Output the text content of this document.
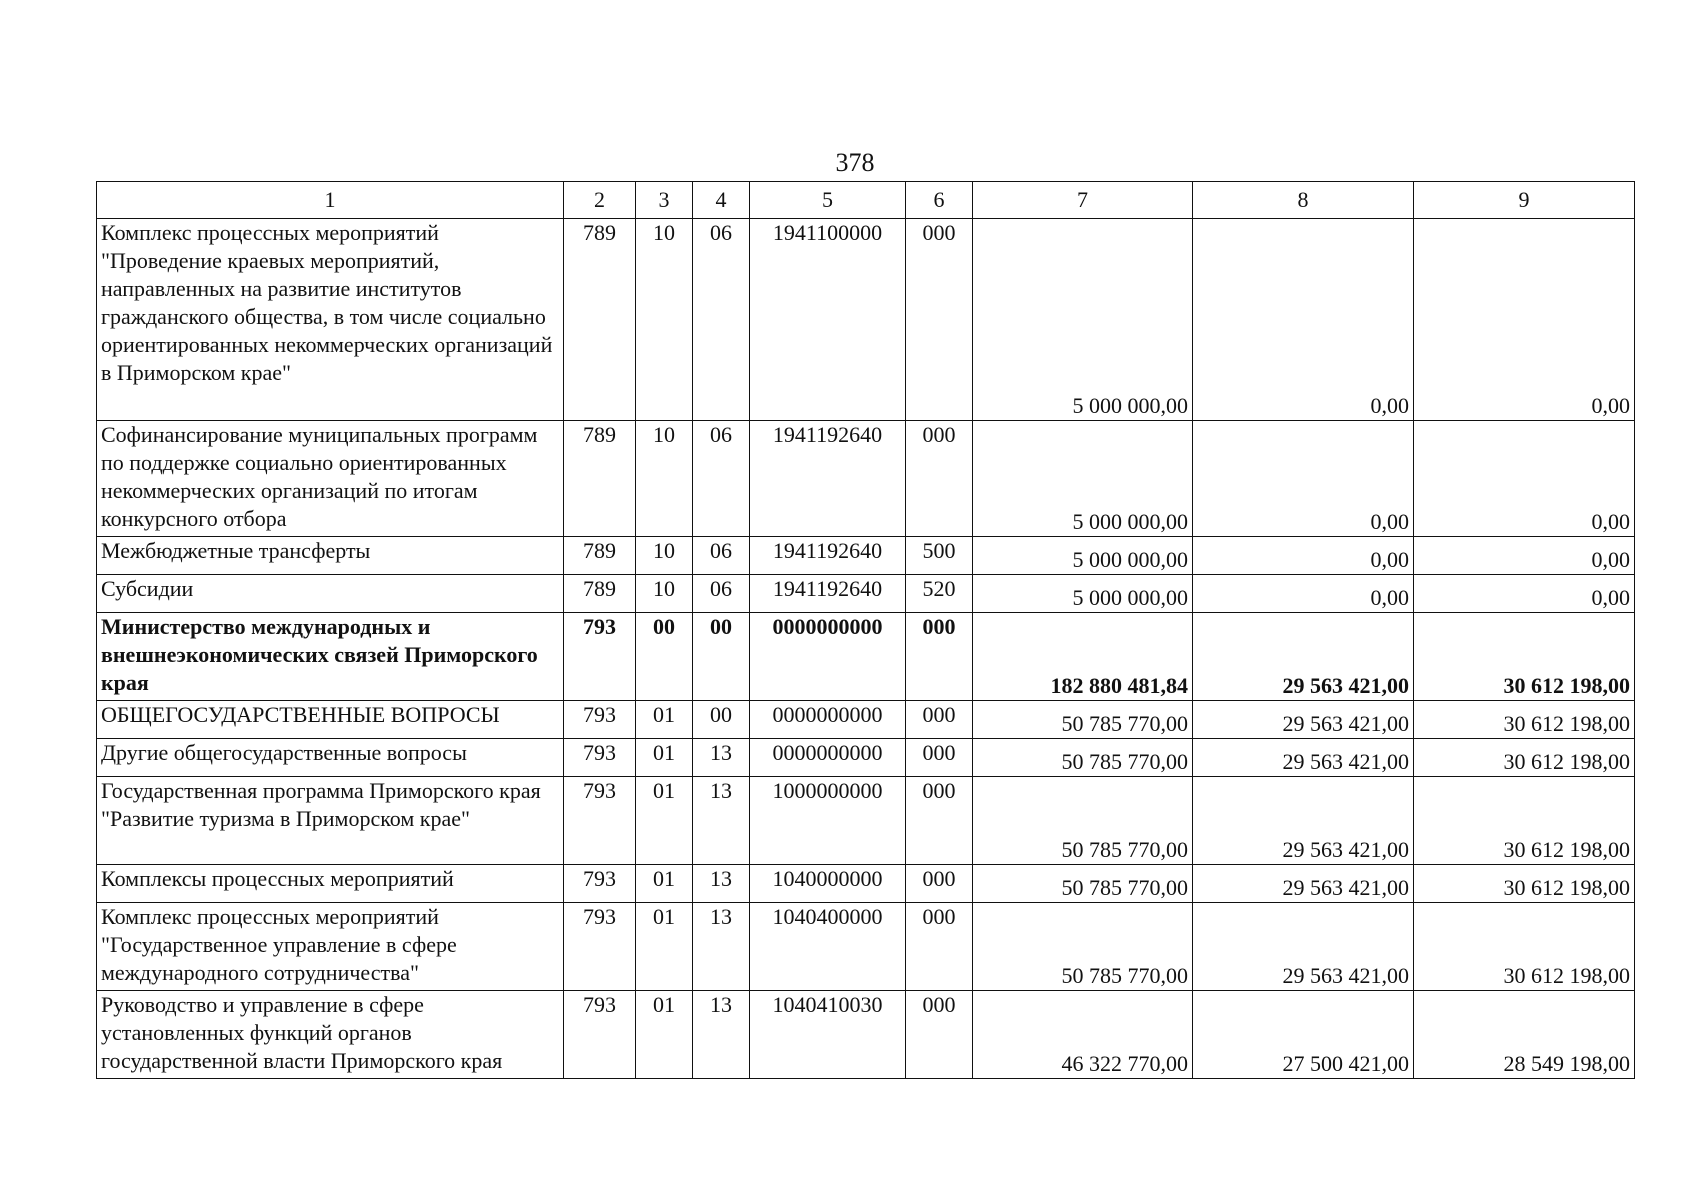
378
1	2	3	4	5	6	7	8	9
Комплекс процессных мероприятий "Проведение краевых мероприятий, направленных на развитие институтов гражданского общества, в том числе социально ориентированных некоммерческих организаций в Приморском крае"	789	10	06	1941100000	000	5 000 000,00	0,00	0,00
Софинансирование муниципальных программ по поддержке социально ориентированных некоммерческих организаций по итогам конкурсного отбора	789	10	06	1941192640	000	5 000 000,00	0,00	0,00
Межбюджетные трансферты	789	10	06	1941192640	500	5 000 000,00	0,00	0,00
Субсидии	789	10	06	1941192640	520	5 000 000,00	0,00	0,00
Министерство международных и внешнеэкономических связей Приморского края	793	00	00	0000000000	000	182 880 481,84	29 563 421,00	30 612 198,00
ОБЩЕГОСУДАРСТВЕННЫЕ ВОПРОСЫ	793	01	00	0000000000	000	50 785 770,00	29 563 421,00	30 612 198,00
Другие общегосударственные вопросы	793	01	13	0000000000	000	50 785 770,00	29 563 421,00	30 612 198,00
Государственная программа Приморского края "Развитие туризма в Приморском крае"	793	01	13	1000000000	000	50 785 770,00	29 563 421,00	30 612 198,00
Комплексы процессных мероприятий	793	01	13	1040000000	000	50 785 770,00	29 563 421,00	30 612 198,00
Комплекс процессных мероприятий "Государственное управление в сфере международного сотрудничества"	793	01	13	1040400000	000	50 785 770,00	29 563 421,00	30 612 198,00
Руководство и управление в сфере установленных функций органов государственной власти Приморского края	793	01	13	1040410030	000	46 322 770,00	27 500 421,00	28 549 198,00
